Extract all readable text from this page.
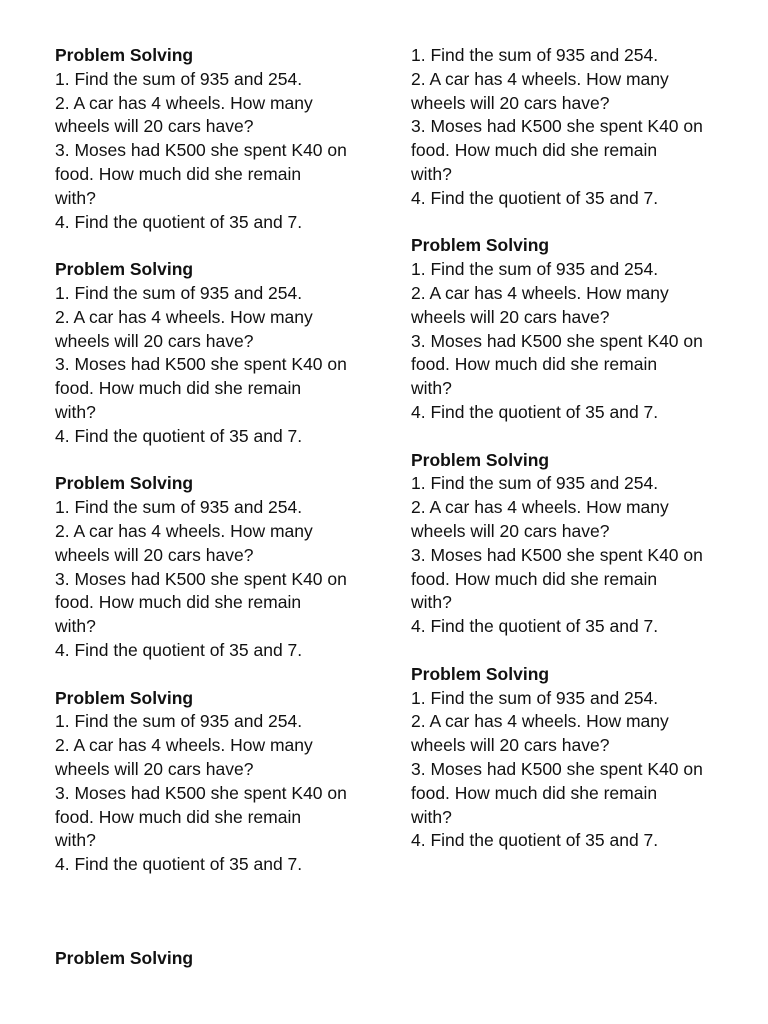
Problem Solving
1. Find the sum of 935 and 254.
2. A car has 4 wheels. How many
wheels will 20 cars have?
3. Moses had K500 she spent K40 on
food. How much did she remain
with?
4. Find the quotient of 35 and 7.
Problem Solving
1. Find the sum of 935 and 254.
2. A car has 4 wheels. How many
wheels will 20 cars have?
3. Moses had K500 she spent K40 on
food. How much did she remain
with?
4. Find the quotient of 35 and 7.
Problem Solving
1. Find the sum of 935 and 254.
2. A car has 4 wheels. How many
wheels will 20 cars have?
3. Moses had K500 she spent K40 on
food. How much did she remain
with?
4. Find the quotient of 35 and 7.
Problem Solving
1. Find the sum of 935 and 254.
2. A car has 4 wheels. How many
wheels will 20 cars have?
3. Moses had K500 she spent K40 on
food. How much did she remain
with?
4. Find the quotient of 35 and 7.
1. Find the sum of 935 and 254.
2. A car has 4 wheels. How many
wheels will 20 cars have?
3. Moses had K500 she spent K40 on
food. How much did she remain
with?
4. Find the quotient of 35 and 7.
Problem Solving
1. Find the sum of 935 and 254.
2. A car has 4 wheels. How many
wheels will 20 cars have?
3. Moses had K500 she spent K40 on
food. How much did she remain
with?
4. Find the quotient of 35 and 7.
Problem Solving
1. Find the sum of 935 and 254.
2. A car has 4 wheels. How many
wheels will 20 cars have?
3. Moses had K500 she spent K40 on
food. How much did she remain
with?
4. Find the quotient of 35 and 7.
Problem Solving
1. Find the sum of 935 and 254.
2. A car has 4 wheels. How many
wheels will 20 cars have?
3. Moses had K500 she spent K40 on
food. How much did she remain
with?
4. Find the quotient of 35 and 7.
Problem Solving
